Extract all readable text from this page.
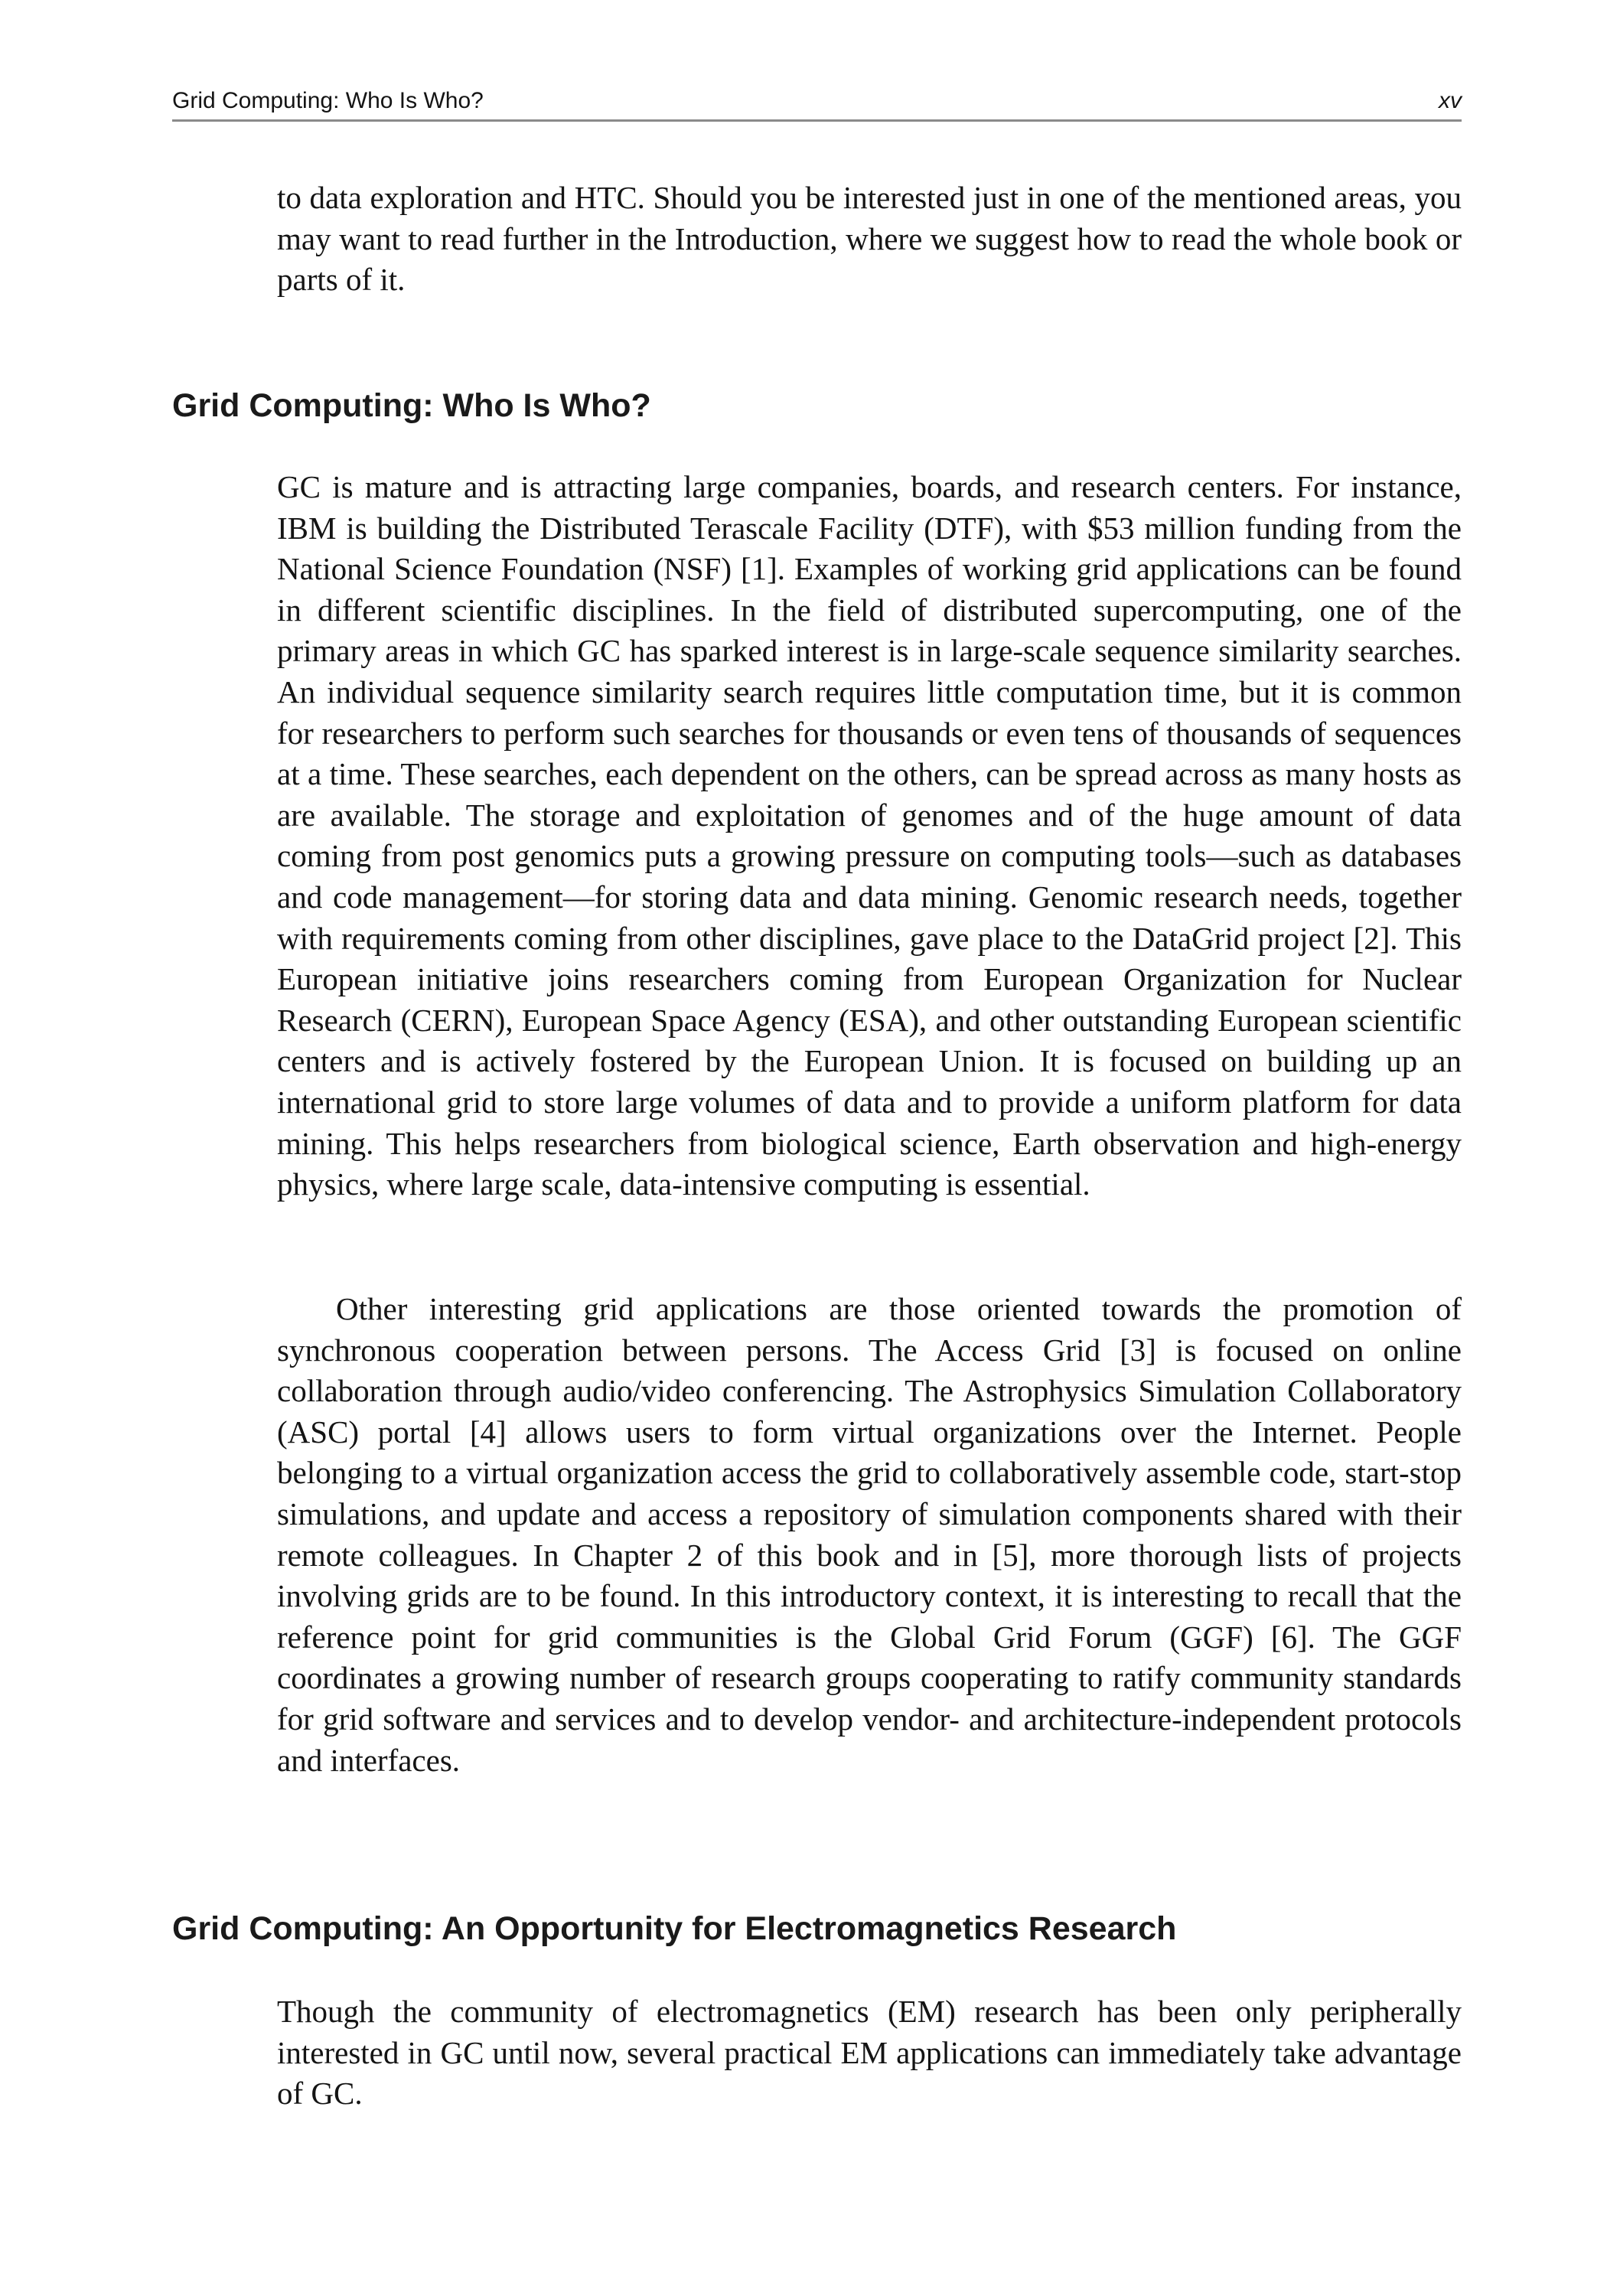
Grid Computing: Who Is Who?	xv

to data exploration and HTC. Should you be interested just in one of the mentioned areas, you may want to read further in the Introduction, where we suggest how to read the whole book or parts of it.

Grid Computing: Who Is Who?

GC is mature and is attracting large companies, boards, and research centers. For instance, IBM is building the Distributed Terascale Facility (DTF), with $53 million funding from the National Science Foundation (NSF) [1]. Examples of working grid applications can be found in different scientific disciplines. In the field of distributed supercomputing, one of the primary areas in which GC has sparked interest is in large-scale sequence similarity searches. An individual sequence similarity search requires little computation time, but it is common for researchers to perform such searches for thousands or even tens of thousands of sequences at a time. These searches, each dependent on the others, can be spread across as many hosts as are available. The storage and exploitation of genomes and of the huge amount of data coming from post genomics puts a growing pressure on computing tools—such as databases and code management—for storing data and data mining. Genomic research needs, together with requirements coming from other disciplines, gave place to the DataGrid project [2]. This European initiative joins researchers coming from European Organization for Nuclear Research (CERN), European Space Agency (ESA), and other outstanding European scientific centers and is actively fostered by the European Union. It is focused on building up an international grid to store large volumes of data and to provide a uniform platform for data mining. This helps researchers from biological science, Earth observation and high-energy physics, where large scale, data-intensive computing is essential.

Other interesting grid applications are those oriented towards the promotion of synchronous cooperation between persons. The Access Grid [3] is focused on online collaboration through audio/video conferencing. The Astrophysics Simulation Collaboratory (ASC) portal [4] allows users to form virtual organizations over the Internet. People belonging to a virtual organization access the grid to collaboratively assemble code, start-stop simulations, and update and access a repository of simulation components shared with their remote colleagues. In Chapter 2 of this book and in [5], more thorough lists of projects involving grids are to be found. In this introductory context, it is interesting to recall that the reference point for grid communities is the Global Grid Forum (GGF) [6]. The GGF coordinates a growing number of research groups cooperating to ratify community standards for grid software and services and to develop vendor- and architecture-independent protocols and interfaces.

Grid Computing: An Opportunity for Electromagnetics Research

Though the community of electromagnetics (EM) research has been only peripherally interested in GC until now, several practical EM applications can immediately take advantage of GC.
